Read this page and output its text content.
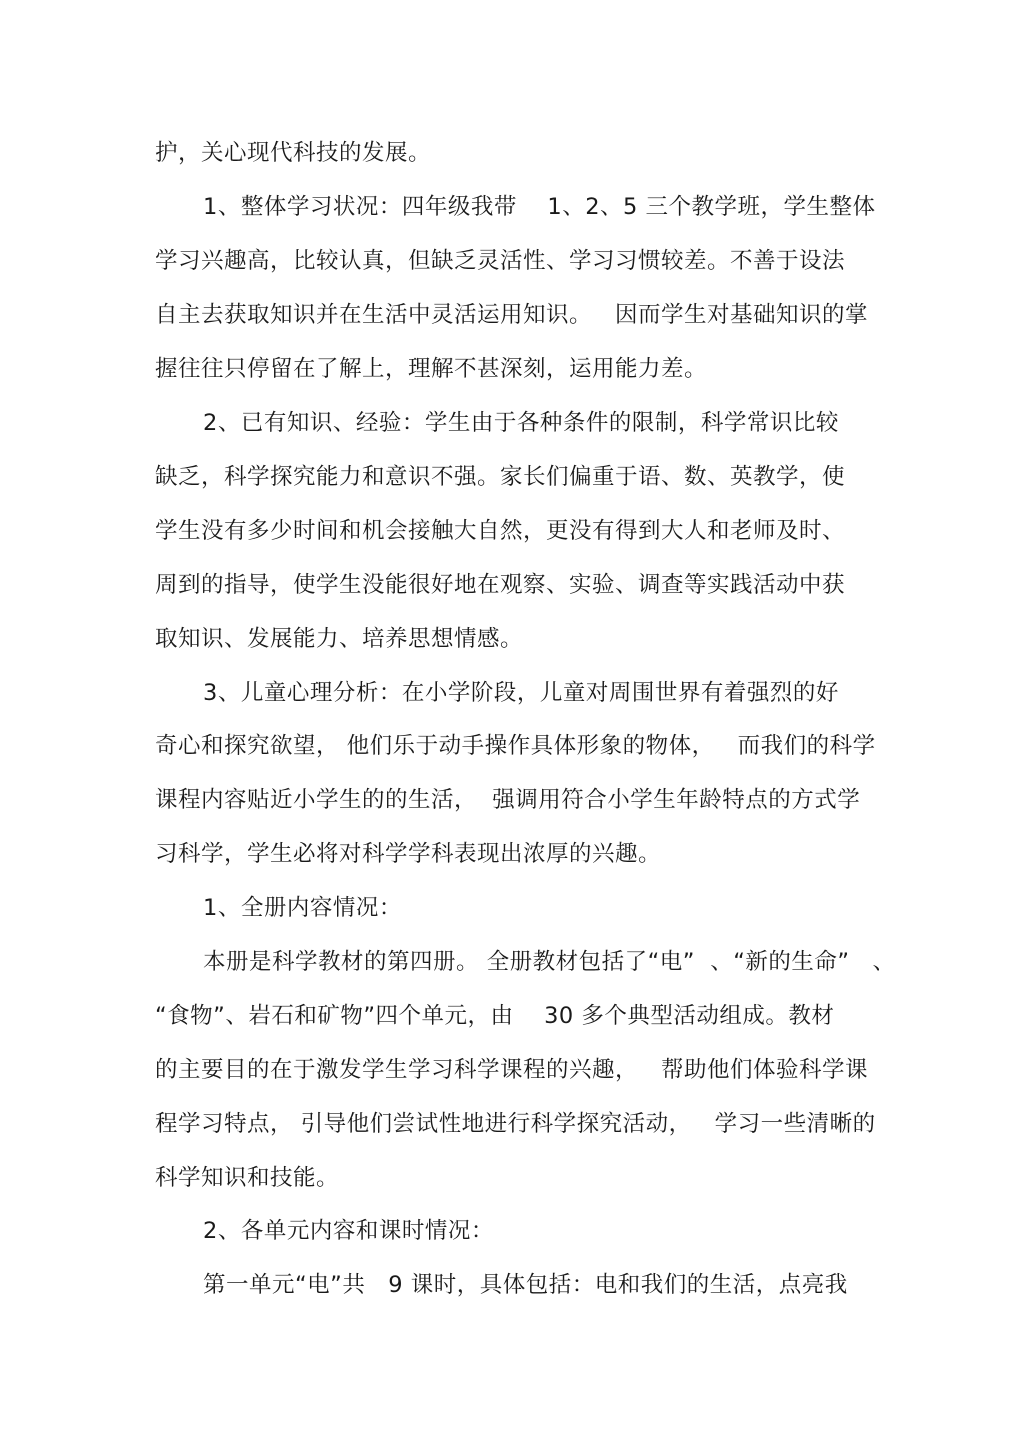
护，关心现代科技的发展。
1、整体学习状况：四年级我带    1、2、5 三个教学班，学生整体
学习兴趣高，比较认真，但缺乏灵活性、学习习惯较差。不善于设法
自主去获取知识并在生活中灵活运用知识。   因而学生对基础知识的掌
握往往只停留在了解上，理解不甚深刻，运用能力差。
2、已有知识、经验：学生由于各种条件的限制，科学常识比较
缺乏，科学探究能力和意识不强。家长们偏重于语、数、英教学，使
学生没有多少时间和机会接触大自然，更没有得到大人和老师及时、
周到的指导，使学生没能很好地在观察、实验、调查等实践活动中获
取知识、发展能力、培养思想情感。
3、儿童心理分析：在小学阶段，儿童对周围世界有着强烈的好
奇心和探究欲望， 他们乐于动手操作具体形象的物体，   而我们的科学
课程内容贴近小学生的的生活，  强调用符合小学生年龄特点的方式学
习科学，学生必将对科学学科表现出浓厚的兴趣。
1、全册内容情况：
本册是科学教材的第四册。 全册教材包括了“电”  、“新的生命”   、
“食物”、岩石和矿物”四个单元，由    30 多个典型活动组成。教材
的主要目的在于激发学生学习科学课程的兴趣，   帮助他们体验科学课
程学习特点， 引导他们尝试性地进行科学探究活动，   学习一些清晰的
科学知识和技能。
2、各单元内容和课时情况：
第一单元“电”共   9 课时，具体包括：电和我们的生活，点亮我
